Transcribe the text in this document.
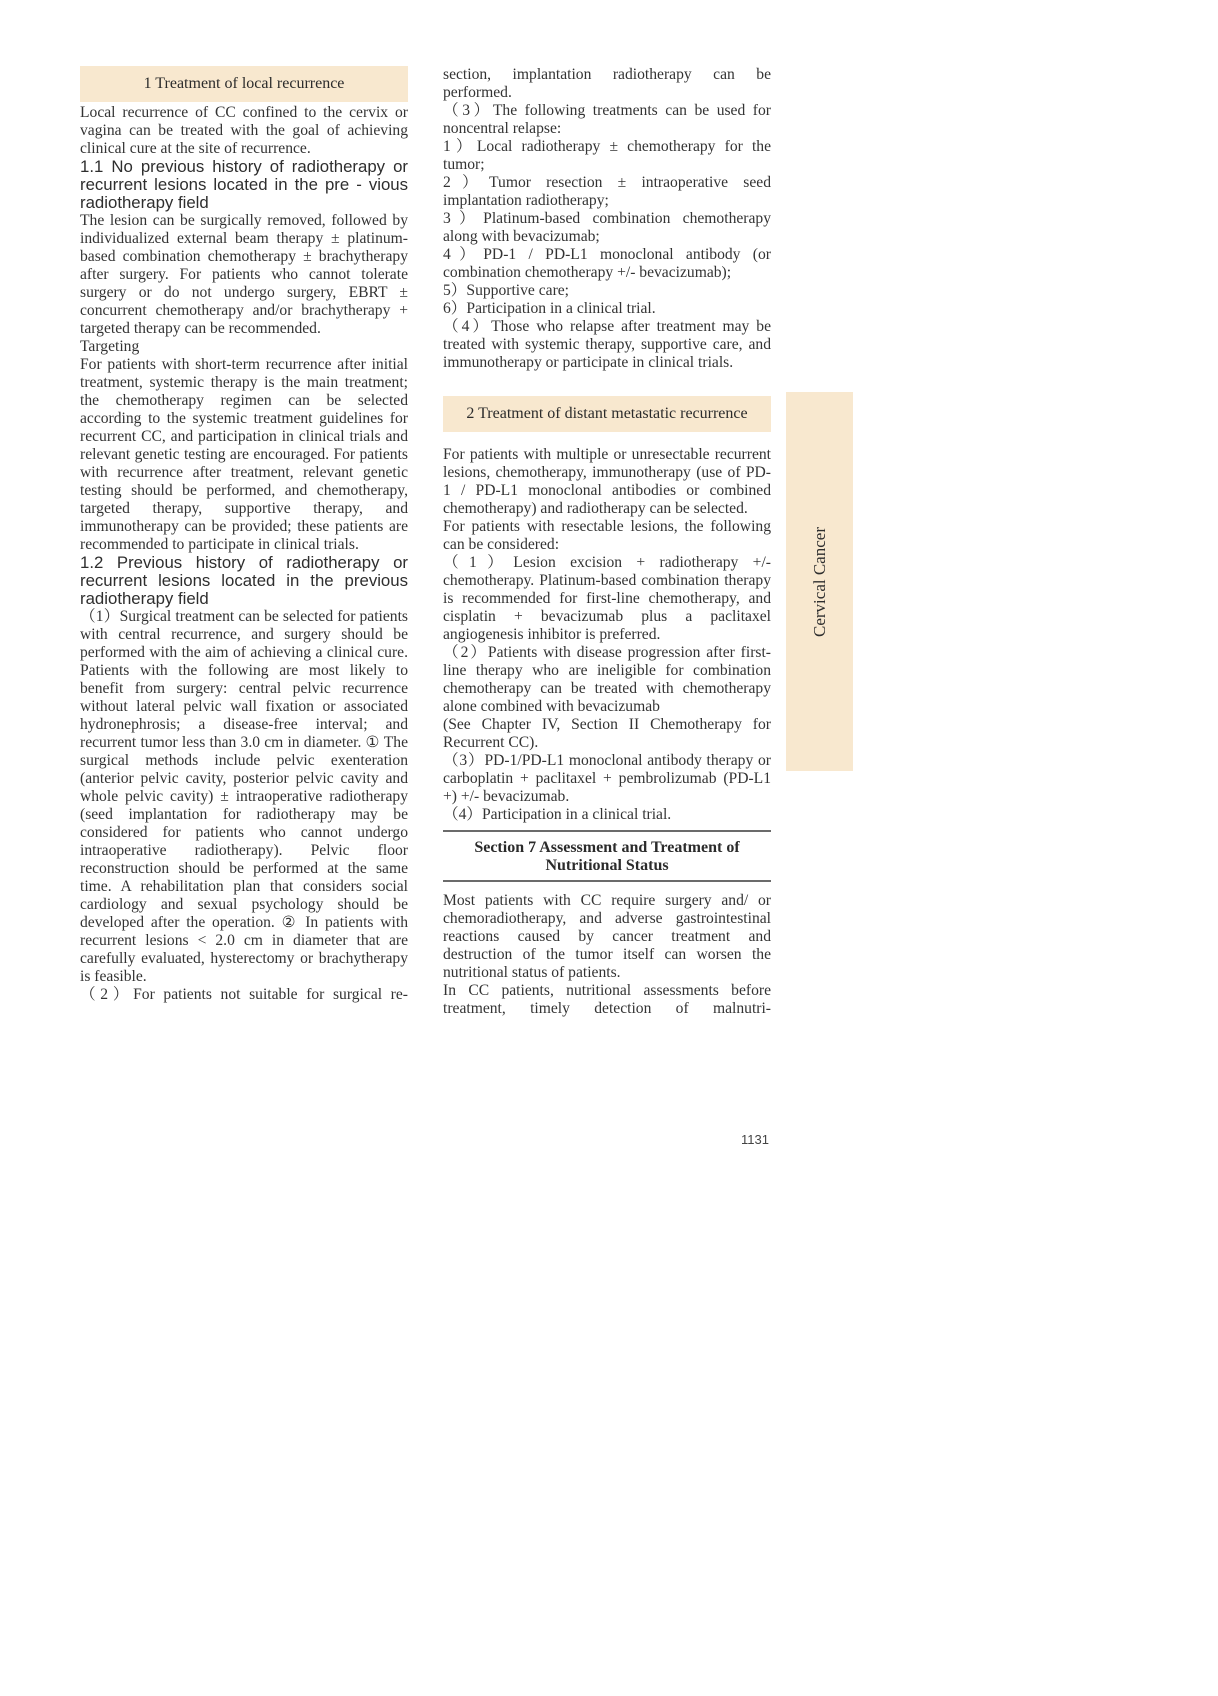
1 Treatment of local recurrence

Local recurrence of CC confined to the cervix or vagina can be treated with the goal of achieving clinical cure at the site of recurrence.

1.1 No previous history of radiotherapy or recurrent lesions located in the pre - vious radiotherapy field

The lesion can be surgically removed, followed by individualized external beam therapy ± platinum-based combination chemotherapy ± brachytherapy after surgery. For patients who cannot tolerate surgery or do not undergo surgery, EBRT ± concurrent chemotherapy and/or brachytherapy + targeted therapy can be recommended.

Targeting

For patients with short-term recurrence after initial treatment, systemic therapy is the main treatment; the chemotherapy regimen can be selected according to the systemic treatment guidelines for recurrent CC, and participation in clinical trials and relevant genetic testing are encouraged. For patients with recurrence after treatment, relevant genetic testing should be performed, and chemotherapy, targeted therapy, supportive therapy, and immunotherapy can be provided; these patients are recommended to participate in clinical trials.

1.2 Previous history of radiotherapy or recurrent lesions located in the previous radiotherapy field

（1）Surgical treatment can be selected for patients with central recurrence, and surgery should be performed with the aim of achieving a clinical cure. Patients with the following are most likely to benefit from surgery: central pelvic recurrence without lateral pelvic wall fixation or associated hydronephrosis; a disease-free interval; and recurrent tumor less than 3.0 cm in diameter. ① The surgical methods include pelvic exenteration (anterior pelvic cavity, posterior pelvic cavity and whole pelvic cavity) ± intraoperative radiotherapy (seed implantation for radiotherapy may be considered for patients who cannot undergo intraoperative radiotherapy). Pelvic floor reconstruction should be performed at the same time. A rehabilitation plan that considers social cardiology and sexual psychology should be developed after the operation. ② In patients with recurrent lesions < 2.0 cm in diameter that are carefully evaluated, hysterectomy or brachytherapy is feasible.

（2）For patients not suitable for surgical re-

section, implantation radiotherapy can be performed.

（3）The following treatments can be used for noncentral relapse:

1）Local radiotherapy ± chemotherapy for the tumor;

2）Tumor resection ± intraoperative seed implantation radiotherapy;

3）Platinum-based combination chemotherapy along with bevacizumab;

4）PD-1 / PD-L1 monoclonal antibody (or combination chemotherapy +/- bevacizumab);

5）Supportive care;

6）Participation in a clinical trial.

（4）Those who relapse after treatment may be treated with systemic therapy, supportive care, and immunotherapy or participate in clinical trials.

2 Treatment of distant metastatic recurrence

For patients with multiple or unresectable recurrent lesions, chemotherapy, immunotherapy (use of PD-1 / PD-L1 monoclonal antibodies or combined chemotherapy) and radiotherapy can be selected.

For patients with resectable lesions, the following can be considered:

（1）Lesion excision + radiotherapy +/- chemotherapy. Platinum-based combination therapy is recommended for first-line chemotherapy, and cisplatin + bevacizumab plus a paclitaxel angiogenesis inhibitor is preferred.

（2）Patients with disease progression after first-line therapy who are ineligible for combination chemotherapy can be treated with chemotherapy alone combined with bevacizumab

(See Chapter IV, Section II Chemotherapy for Recurrent CC).

（3）PD-1/PD-L1 monoclonal antibody therapy or carboplatin + paclitaxel + pembrolizumab (PD-L1 +) +/- bevacizumab.

（4）Participation in a clinical trial.

Section 7 Assessment and Treatment of Nutritional Status

Most patients with CC require surgery and/ or chemoradiotherapy, and adverse gastrointestinal reactions caused by cancer treatment and destruction of the tumor itself can worsen the nutritional status of patients.

In CC patients, nutritional assessments before treatment, timely detection of malnutri-

Cervical Cancer
1131
